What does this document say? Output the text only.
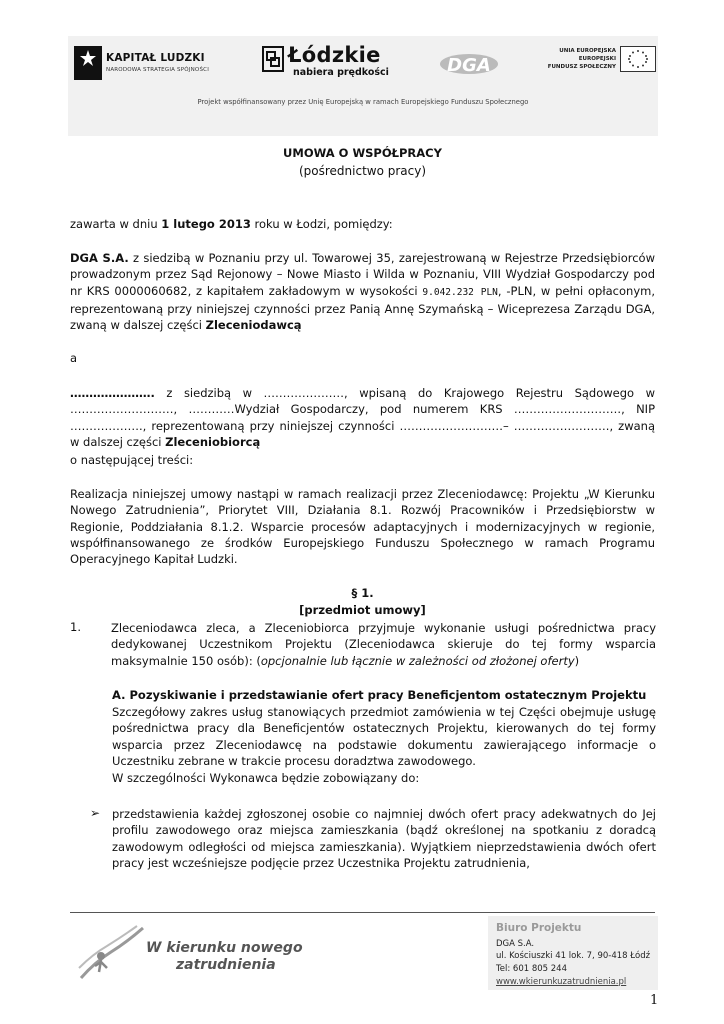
KAPITAŁ LUDZKI
NARODOWA STRATEGIA SPÓJNOŚCI
Łódzkie
nabiera prędkości	DGA
UNIA EUROPEJSKA
EUROPEJSKI
FUNDUSZ SPOŁECZNY
Projekt współfinansowany przez Unię Europejską w ramach Europejskiego Funduszu Społecznego
UMOWA O WSPÓŁPRACY
(pośrednictwo pracy)
zawarta w dniu 1 lutego 2013 roku w Łodzi, pomiędzy:
DGA S.A. z siedzibą w Poznaniu przy ul. Towarowej 35, zarejestrowaną w Rejestrze Przedsiębiorców prowadzonym przez Sąd Rejonowy – Nowe Miasto i Wilda w Poznaniu, VIII Wydział Gospodarczy pod nr KRS 0000060682, z kapitałem zakładowym w wysokości 9.042.232 PLN, -PLN, w pełni opłaconym, reprezentowaną przy niniejszej czynności przez Panią Annę Szymańską – Wiceprezesa Zarządu DGA, zwaną w dalszej części Zleceniodawcą
a
…………………. z siedzibą w …………………, wpisaną do Krajowego Rejestru Sądowego w ………………………, …………Wydział Gospodarczy, pod numerem KRS ………………………., NIP ………………., reprezentowaną przy niniejszej czynności ………………………– ……………………., zwaną w dalszej części Zleceniobiorcą
o następującej treści:
Realizacja niniejszej umowy nastąpi w ramach realizacji przez Zleceniodawcę: Projektu „W Kierunku Nowego Zatrudnienia”, Priorytet VIII, Działania 8.1. Rozwój Pracowników i Przedsiębiorstw w Regionie, Poddziałania 8.1.2. Wsparcie procesów adaptacyjnych i modernizacyjnych w regionie, współfinansowanego ze środków Europejskiego Funduszu Społecznego w ramach Programu Operacyjnego Kapitał Ludzki.
§ 1.
[przedmiot umowy]
1.	Zleceniodawca zleca, a Zleceniobiorca przyjmuje wykonanie usługi pośrednictwa pracy dedykowanej Uczestnikom Projektu (Zleceniodawca skieruje do tej formy wsparcia maksymalnie 150 osób): (opcjonalnie lub łącznie w zależności od złożonej oferty)
A. Pozyskiwanie i przedstawianie ofert pracy Beneficjentom ostatecznym Projektu
Szczegółowy zakres usług stanowiących przedmiot zamówienia w tej Części obejmuje usługę pośrednictwa pracy dla Beneficjentów ostatecznych Projektu, kierowanych do tej formy wsparcia przez Zleceniodawcę na podstawie dokumentu zawierającego informacje o Uczestniku zebrane w trakcie procesu doradztwa zawodowego.
W szczególności Wykonawca będzie zobowiązany do:
➢ przedstawienia każdej zgłoszonej osobie co najmniej dwóch ofert pracy adekwatnych do Jej profilu zawodowego oraz miejsca zamieszkania (bądź określonej na spotkaniu z doradcą zawodowym odległości od miejsca zamieszkania). Wyjątkiem nieprzedstawienia dwóch ofert pracy jest wcześniejsze podjęcie przez Uczestnika Projektu zatrudnienia,
W kierunku nowego
zatrudnienia
Biuro Projektu
DGA S.A.
ul. Kościuszki 41 lok. 7, 90-418 Łódź
Tel: 601 805 244
www.wkierunkuzatrudnienia.pl
1
